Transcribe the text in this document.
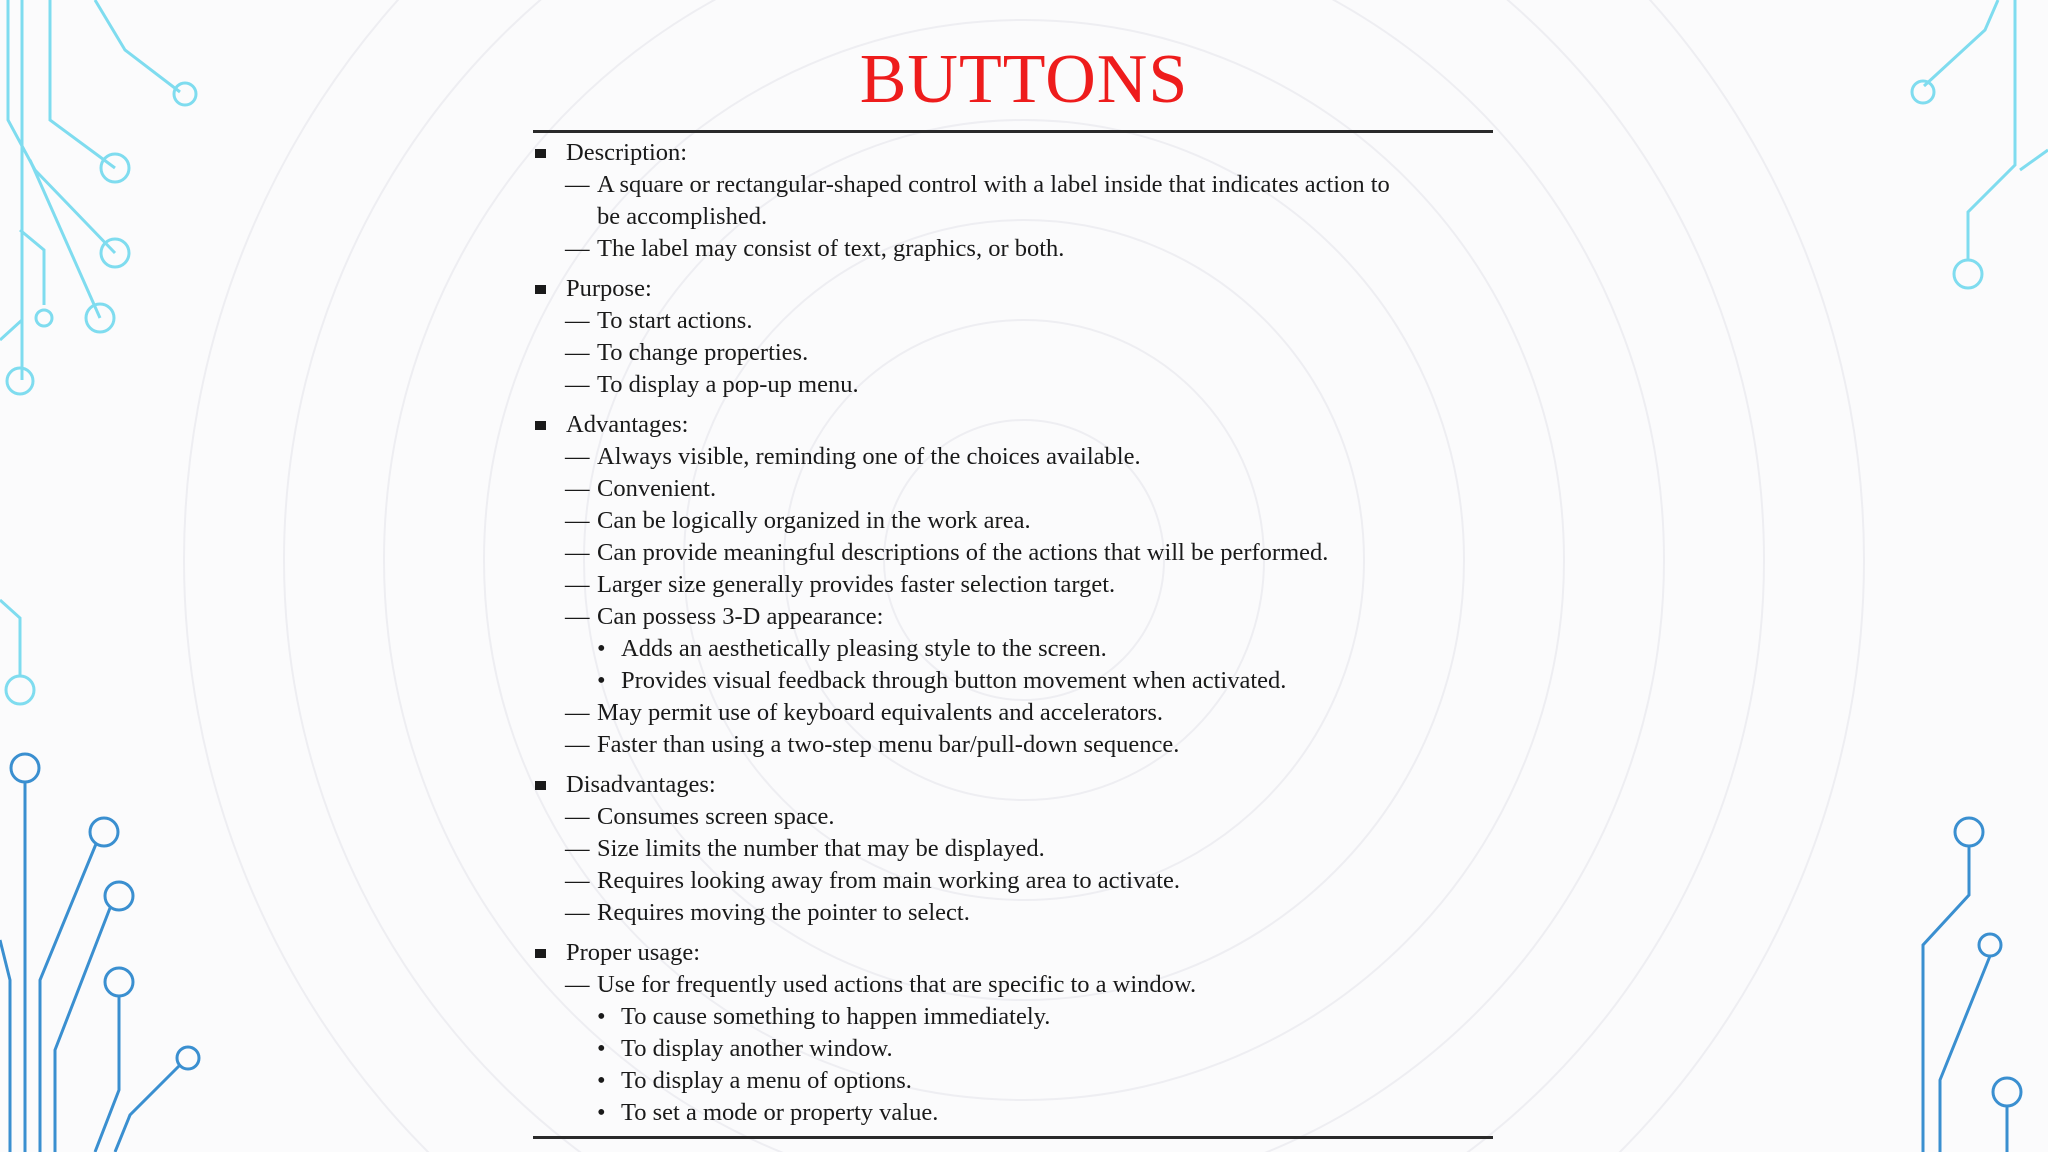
BUTTONS
Description:
— A square or rectangular-shaped control with a label inside that indicates action to
be accomplished.
— The label may consist of text, graphics, or both.
Purpose:
— To start actions.
— To change properties.
— To display a pop-up menu.
Advantages:
— Always visible, reminding one of the choices available.
— Convenient.
— Can be logically organized in the work area.
— Can provide meaningful descriptions of the actions that will be performed.
— Larger size generally provides faster selection target.
— Can possess 3-D appearance:
• Adds an aesthetically pleasing style to the screen.
• Provides visual feedback through button movement when activated.
— May permit use of keyboard equivalents and accelerators.
— Faster than using a two-step menu bar/pull-down sequence.
Disadvantages:
— Consumes screen space.
— Size limits the number that may be displayed.
— Requires looking away from main working area to activate.
— Requires moving the pointer to select.
Proper usage:
— Use for frequently used actions that are specific to a window.
• To cause something to happen immediately.
• To display another window.
• To display a menu of options.
• To set a mode or property value.
